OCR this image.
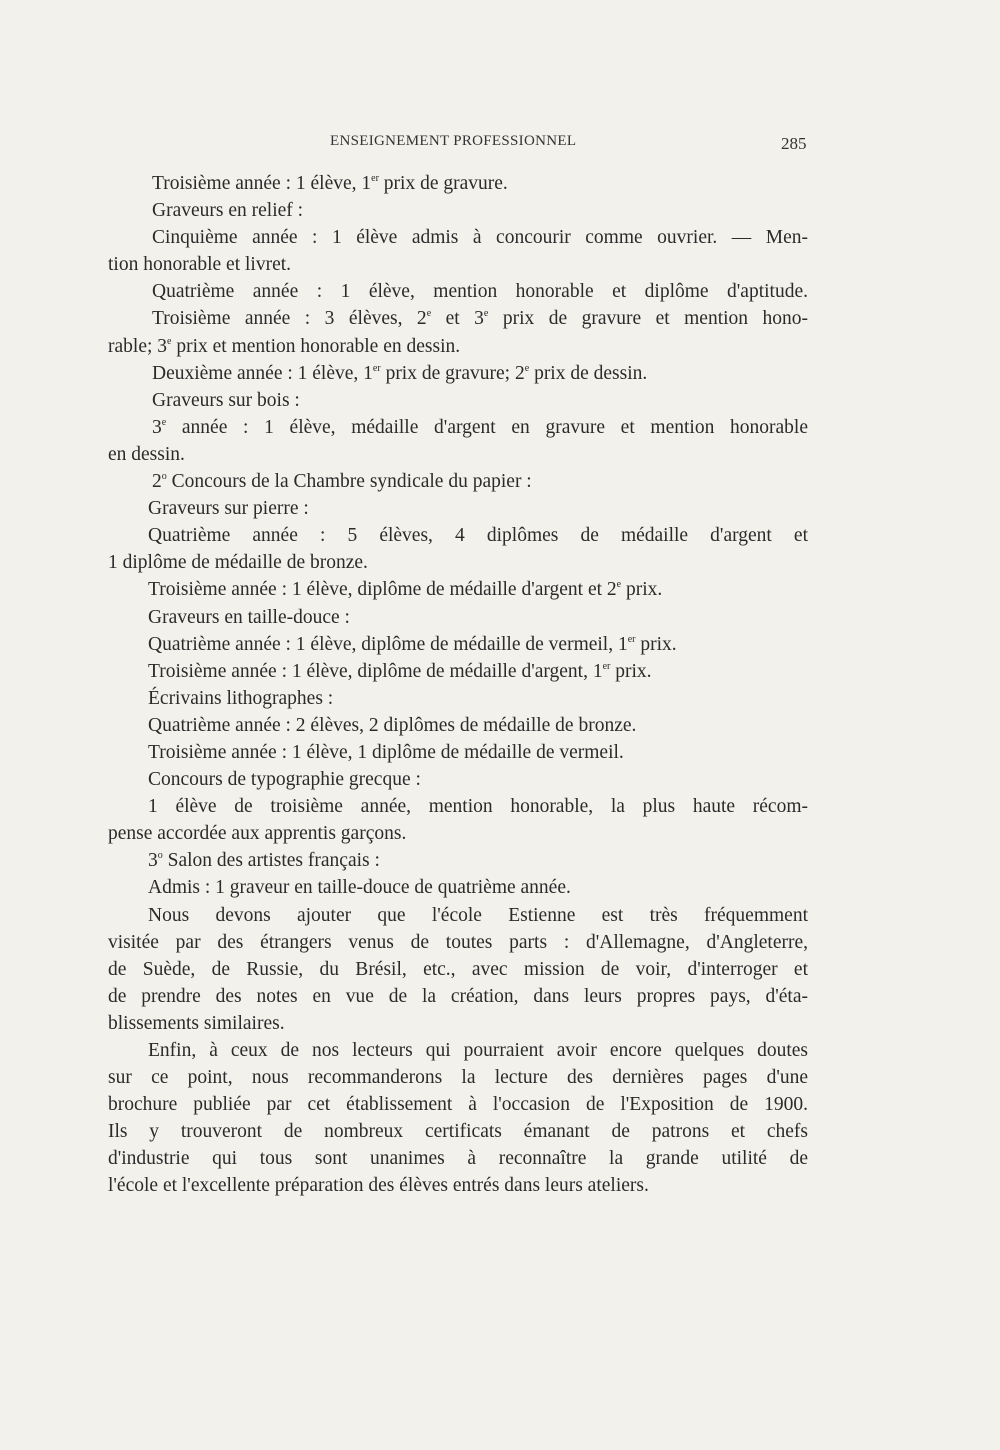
ENSEIGNEMENT PROFESSIONNEL	285
Troisième année : 1 élève, 1er prix de gravure.
Graveurs en relief :
Cinquième année : 1 élève admis à concourir comme ouvrier. — Men-
tion honorable et livret.
Quatrième année : 1 élève, mention honorable et diplôme d'aptitude.
Troisième année : 3 élèves, 2e et 3e prix de gravure et mention hono-
rable; 3e prix et mention honorable en dessin.
Deuxième année : 1 élève, 1er prix de gravure; 2e prix de dessin.
Graveurs sur bois :
3e année : 1 élève, médaille d'argent en gravure et mention honorable
en dessin.
2$^o$ Concours de la Chambre syndicale du papier :
Graveurs sur pierre :
Quatrième année : 5 élèves, 4 diplômes de médaille d'argent et
1 diplôme de médaille de bronze.
Troisième année : 1 élève, diplôme de médaille d'argent et 2e prix.
Graveurs en taille-douce :
Quatrième année : 1 élève, diplôme de médaille de vermeil, 1er prix.
Troisième année : 1 élève, diplôme de médaille d'argent, 1er prix.
Écrivains lithographes :
Quatrième année : 2 élèves, 2 diplômes de médaille de bronze.
Troisième année : 1 élève, 1 diplôme de médaille de vermeil.
Concours de typographie grecque :
1 élève de troisième année, mention honorable, la plus haute récom-
pense accordée aux apprentis garçons.
3$^o$ Salon des artistes français :
Admis : 1 graveur en taille-douce de quatrième année.
Nous devons ajouter que l'école Estienne est très fréquemment
visitée par des étrangers venus de toutes parts : d'Allemagne, d'Angleterre,
de Suède, de Russie, du Brésil, etc., avec mission de voir, d'interroger et
de prendre des notes en vue de la création, dans leurs propres pays, d'éta-
blissements similaires.
Enfin, à ceux de nos lecteurs qui pourraient avoir encore quelques doutes
sur ce point, nous recommanderons la lecture des dernières pages d'une
brochure publiée par cet établissement à l'occasion de l'Exposition de 1900.
Ils y trouveront de nombreux certificats émanant de patrons et chefs
d'industrie qui tous sont unanimes à reconnaître la grande utilité de
l'école et l'excellente préparation des élèves entrés dans leurs ateliers.
